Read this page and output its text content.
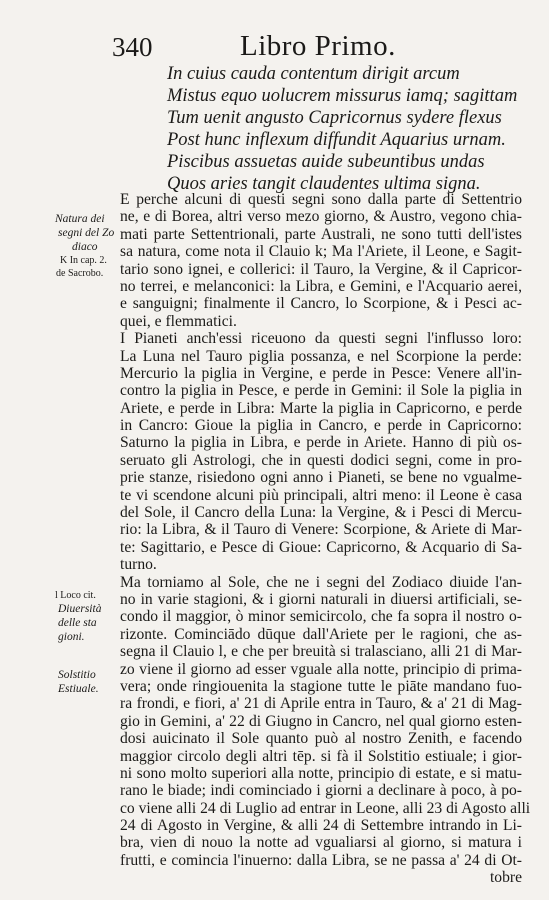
340	Libro Primo.
In cuius cauda contentum dirigit arcum
Mistus equo uolucrem missurus iamq; sagittam
Tum uenit angusto Capricornus sydere flexus
Post hunc inflexum diffundit Aquarius urnam.
Piscibus assuetas auide subeuntibus undas
Quos aries tangit claudentes ultima signa.
E perche alcuni di questi segni sono dalla parte di Settentrio
ne, e di Borea, altri verso mezo giorno, & Austro, vegono chia-
mati parte Settentrionali, parte Australi, ne sono tutti dell'istes
sa natura, come nota il Clauio k; Ma l'Ariete, il Leone, e Sagit-
tario sono ignei, e collerici: il Tauro, la Vergine, & il Capricor-
no terrei, e melanconici: la Libra, e Gemini, e l'Acquario aerei,
e sanguigni; finalmente il Cancro, lo Scorpione, & i Pesci ac-
quei, e flemmatici.
I Pianeti anch'essi riceuono da questi segni l'influsso loro:
La Luna nel Tauro piglia possanza, e nel Scorpione la perde:
Mercurio la piglia in Vergine, e perde in Pesce: Venere all'in-
contro la piglia in Pesce, e perde in Gemini: il Sole la piglia in
Ariete, e perde in Libra: Marte la piglia in Capricorno, e perde
in Cancro: Gioue la piglia in Cancro, e perde in Capricorno:
Saturno la piglia in Libra, e perde in Ariete. Hanno di più os-
seruato gli Astrologi, che in questi dodici segni, come in pro-
prie stanze, risiedono ogni anno i Pianeti, se bene no vgualme-
te vi scendone alcuni più principali, altri meno: il Leone è casa
del Sole, il Cancro della Luna: la Vergine, & i Pesci di Mercu-
rio: la Libra, & il Tauro di Venere: Scorpione, & Ariete di Mar-
te: Sagittario, e Pesce di Gioue: Capricorno, & Acquario di Sa-
turno.
Ma torniamo al Sole, che ne i segni del Zodiaco diuide l'an-
no in varie stagioni, & i giorni naturali in diuersi artificiali, se-
condo il maggior, ò minor semicircolo, che fa sopra il nostro o-
rizonte. Cominciādo dūque dall'Ariete per le ragioni, che as-
segna il Clauio l, e che per breuità si tralasciano, alli 21 di Mar-
zo viene il giorno ad esser vguale alla notte, principio di prima-
vera; onde ringiouenita la stagione tutte le piāte mandano fuo-
ra frondi, e fiori, a' 21 di Aprile entra in Tauro, & a' 21 di Mag-
gio in Gemini, a' 22 di Giugno in Cancro, nel qual giorno esten-
dosi auicinato il Sole quanto può al nostro Zenith, e facendo
maggior circolo degli altri tēp. si fà il Solstitio estiuale; i gior-
ni sono molto superiori alla notte, principio di estate, e si matu-
rano le biade; indi cominciado i giorni a declinare à poco, à po-
co viene alli 24 di Luglio ad entrar in Leone, alli 23 di Agosto alli
24 di Agosto in Vergine, & alli 24 di Settembre intrando in Li-
bra, vien di nouo la notte ad vgualiarsi al giorno, si matura i
frutti, e comincia l'inuerno: dalla Libra, se ne passa a' 24 di Ot-
tobre
Natura dei
segni del Zo
diaco
K In cap. 2.
de Sacrobo.
l Loco cit.
Diuersità
delle sta
gioni.
Solstitio
Estiuale.
